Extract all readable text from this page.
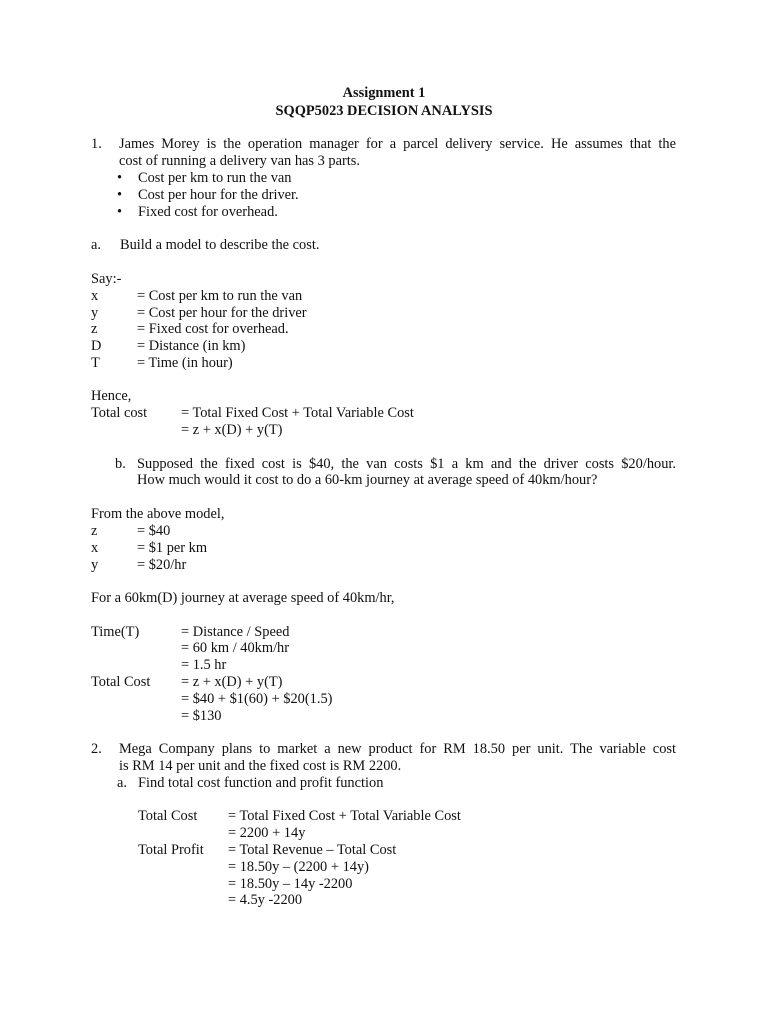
Assignment 1
SQQP5023 DECISION ANALYSIS
1. James Morey is the operation manager for a parcel delivery service. He assumes that the
cost of running a delivery van has 3 parts.
• Cost per km to run the van
• Cost per hour for the driver.
• Fixed cost for overhead.
a. Build a model to describe the cost.
Say:-
x	= Cost per km to run the van
y	= Cost per hour for the driver
z	= Fixed cost for overhead.
D = Distance (in km)
T	= Time (in hour)
Hence,
Total cost = Total Fixed Cost + Total Variable Cost
= z + x(D) + y(T)
b. Supposed the fixed cost is $40, the van costs $1 a km and the driver costs $20/hour.
How much would it cost to do a 60-km journey at average speed of 40km/hour?
From the above model,
z	= $40
x	= $1 per km
y	= $20/hr
For a 60km(D) journey at average speed of 40km/hr,
Time(T)	= Distance / Speed
= 60 km / 40km/hr
= 1.5 hr
Total Cost = z + x(D) + y(T)
= $40 + $1(60) + $20(1.5)
= $130
2. Mega Company plans to market a new product for RM 18.50 per unit. The variable cost
is RM 14 per unit and the fixed cost is RM 2200.
a. Find total cost function and profit function
Total Cost = Total Fixed Cost + Total Variable Cost
= 2200 + 14y
Total Profit = Total Revenue – Total Cost
= 18.50y – (2200 + 14y)
= 18.50y – 14y -2200
= 4.5y -2200
